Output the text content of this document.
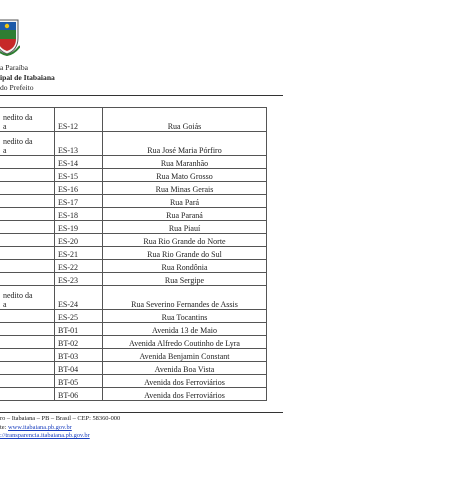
a Paraíba
ipal de Itabaiana
do Prefeito
nedito da
a	ES-12	Rua Goiás
nedito da
a	ES-13	Rua José Maria Pórfiro
	ES-14	Rua Maranhão
	ES-15	Rua Mato Grosso
	ES-16	Rua Minas Gerais
	ES-17	Rua Pará
	ES-18	Rua Paraná
	ES-19	Rua Piauí
	ES-20	Rua Rio Grande do Norte
	ES-21	Rua Rio Grande do Sul
	ES-22	Rua Rondônia
	ES-23	Rua Sergipe
nedito da
a	ES-24	Rua Severino Fernandes de Assis
	ES-25	Rua Tocantins
	BT-01	Avenida 13 de Maio
	BT-02	Avenida Alfredo Coutinho de Lyra
	BT-03	Avenida Benjamin Constant
	BT-04	Avenida Boa Vista
	BT-05	Avenida dos Ferroviários
	BT-06	Avenida dos Ferroviários
ro – Itabaiana – PB – Brasil – CEP: 58360-000
te: www.itabaiana.pb.gov.br
://transparencia.itabaiana.pb.gov.br
